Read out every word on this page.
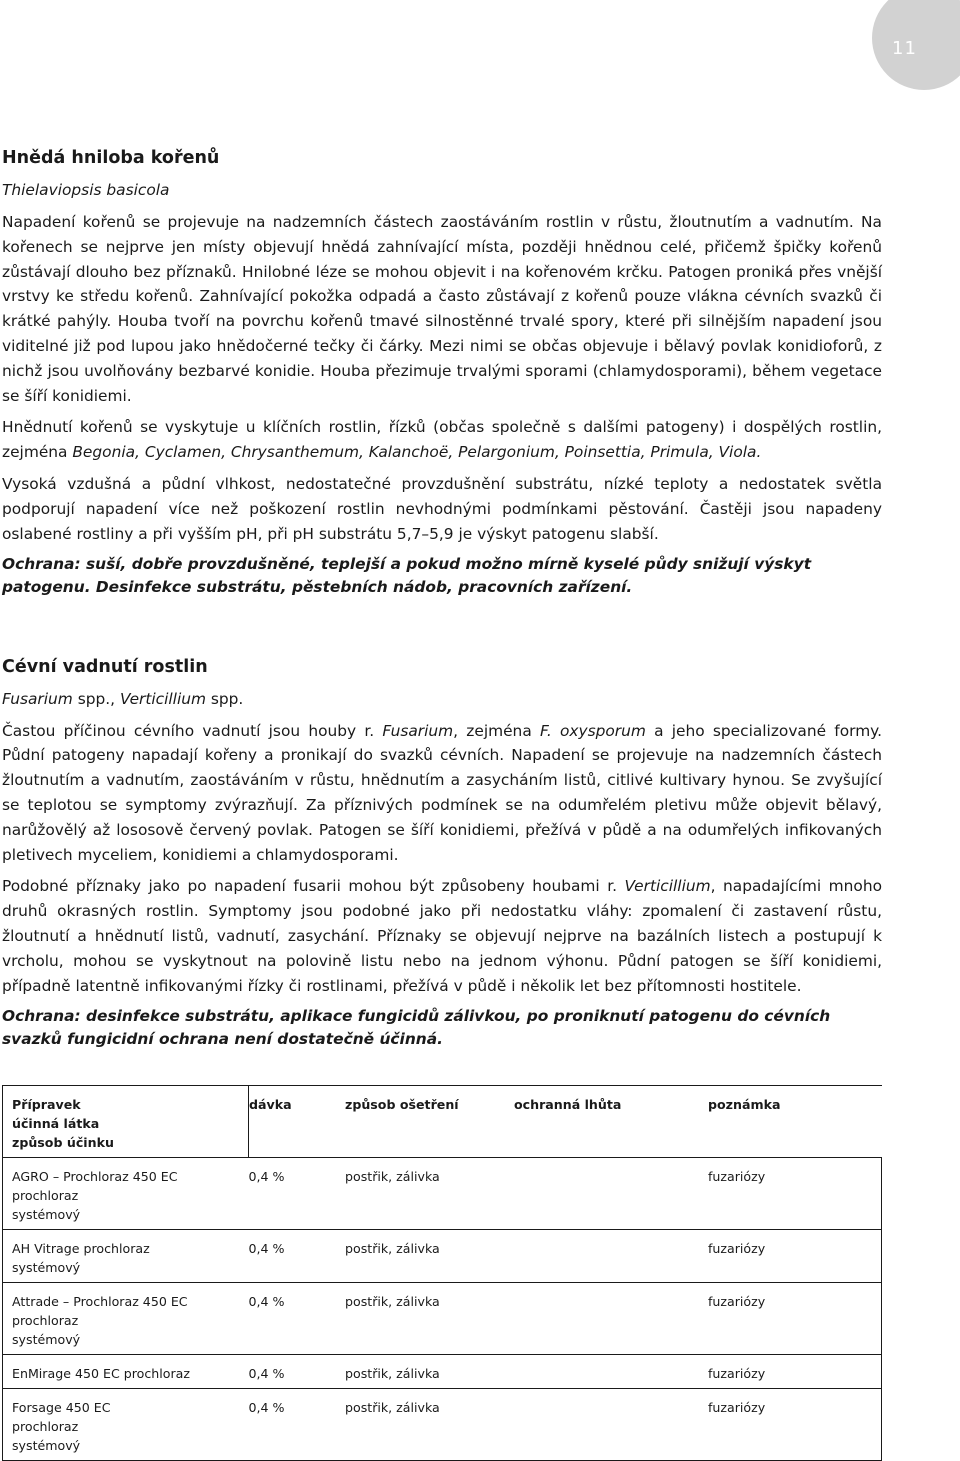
11
Hnědá hniloba kořenů
Thielaviopsis basicola

Napadení kořenů se projevuje na nadzemních částech zaostáváním rostlin v růstu, žloutnutím a vadnutím. Na kořenech se nejprve jen místy objevují hnědá zahnívající místa, později hnědnou celé, přičemž špičky kořenů zůstávají dlouho bez příznaků. Hnilobné léze se mohou objevit i na kořenovém krčku. Patogen proniká přes vnější vrstvy ke středu kořenů. Zahnívající pokožka odpadá a často zůstávají z kořenů pouze vlákna cévních svazků či krátké pahýly. Houba tvoří na povrchu kořenů tmavé silnostěnné trvalé spory, které při silnějším napadení jsou viditelné již pod lupou jako hnědočerné tečky či čárky. Mezi nimi se občas objevuje i bělavý povlak konidioforů, z nichž jsou uvolňovány bezbarvé konidie. Houba přezimuje trvalými sporami (chlamydosporami), během vegetace se šíří konidiemi.

Hnědnutí kořenů se vyskytuje u klíčních rostlin, řízků (občas společně s dalšími patogeny) i dospělých rostlin, zejména Begonia, Cyclamen, Chrysanthemum, Kalanchoë, Pelargonium, Poinsettia, Primula, Viola.

Vysoká vzdušná a půdní vlhkost, nedostatečné provzdušnění substrátu, nízké teploty a nedostatek světla podporují napadení více než poškození rostlin nevhodnými podmínkami pěstování. Častěji jsou napadeny oslabené rostliny a při vyšším pH, při pH substrátu 5,7–5,9 je výskyt patogenu slabší.

Ochrana: suší, dobře provzdušněné, teplejší a pokud možno mírně kyselé půdy snižují výskyt patogenu. Desinfekce substrátu, pěstebních nádob, pracovních zařízení.

Cévní vadnutí rostlin
Fusarium spp., Verticillium spp.

Častou příčinou cévního vadnutí jsou houby r. Fusarium, zejména F. oxysporum a jeho specializované formy. Půdní patogeny napadají kořeny a pronikají do svazků cévních. Napadení se projevuje na nadzemních částech žloutnutím a vadnutím, zaostáváním v růstu, hnědnutím a zasycháním listů, citlivé kultivary hynou. Se zvyšující se teplotou se symptomy zvýrazňují. Za příznivých podmínek se na odumřelém pletivu může objevit bělavý, narůžovělý až lososově červený povlak. Patogen se šíří konidiemi, přežívá v půdě a na odumřelých infikovaných pletivech myceliem, konidiemi a chlamydosporami.

Podobné příznaky jako po napadení fusarii mohou být způsobeny houbami r. Verticillium, napadajícími mnoho druhů okrasných rostlin. Symptomy jsou podobné jako při nedostatku vláhy: zpomalení či zastavení růstu, žloutnutí a hnědnutí listů, vadnutí, zasychání. Příznaky se objevují nejprve na bazálních listech a postupují k vrcholu, mohou se vyskytnout na polovině listu nebo na jednom výhonu. Půdní patogen se šíří konidiemi, případně latentně infikovanými řízky či rostlinami, přežívá v půdě i několik let bez přítomnosti hostitele.

Ochrana: desinfekce substrátu, aplikace fungicidů zálivkou, po proniknutí patogenu do cévních svazků fungicidní ochrana není dostatečně účinná.

Přípravek
účinná látka
způsob účinku	dávka	způsob ošetření	ochranná lhůta	poznámka

AGRO – Prochloraz 450 EC
prochloraz
systémový	0,4 %	postřik, zálivka		fuzariózy

AH Vitrage prochloraz
systémový	0,4 %	postřik, zálivka		fuzariózy

Attrade – Prochloraz 450 EC
prochloraz
systémový	0,4 %	postřik, zálivka		fuzariózy

EnMirage 450 EC prochloraz	0,4 %	postřik, zálivka		fuzariózy

Forsage 450 EC
prochloraz
systémový	0,4 %	postřik, zálivka		fuzariózy
